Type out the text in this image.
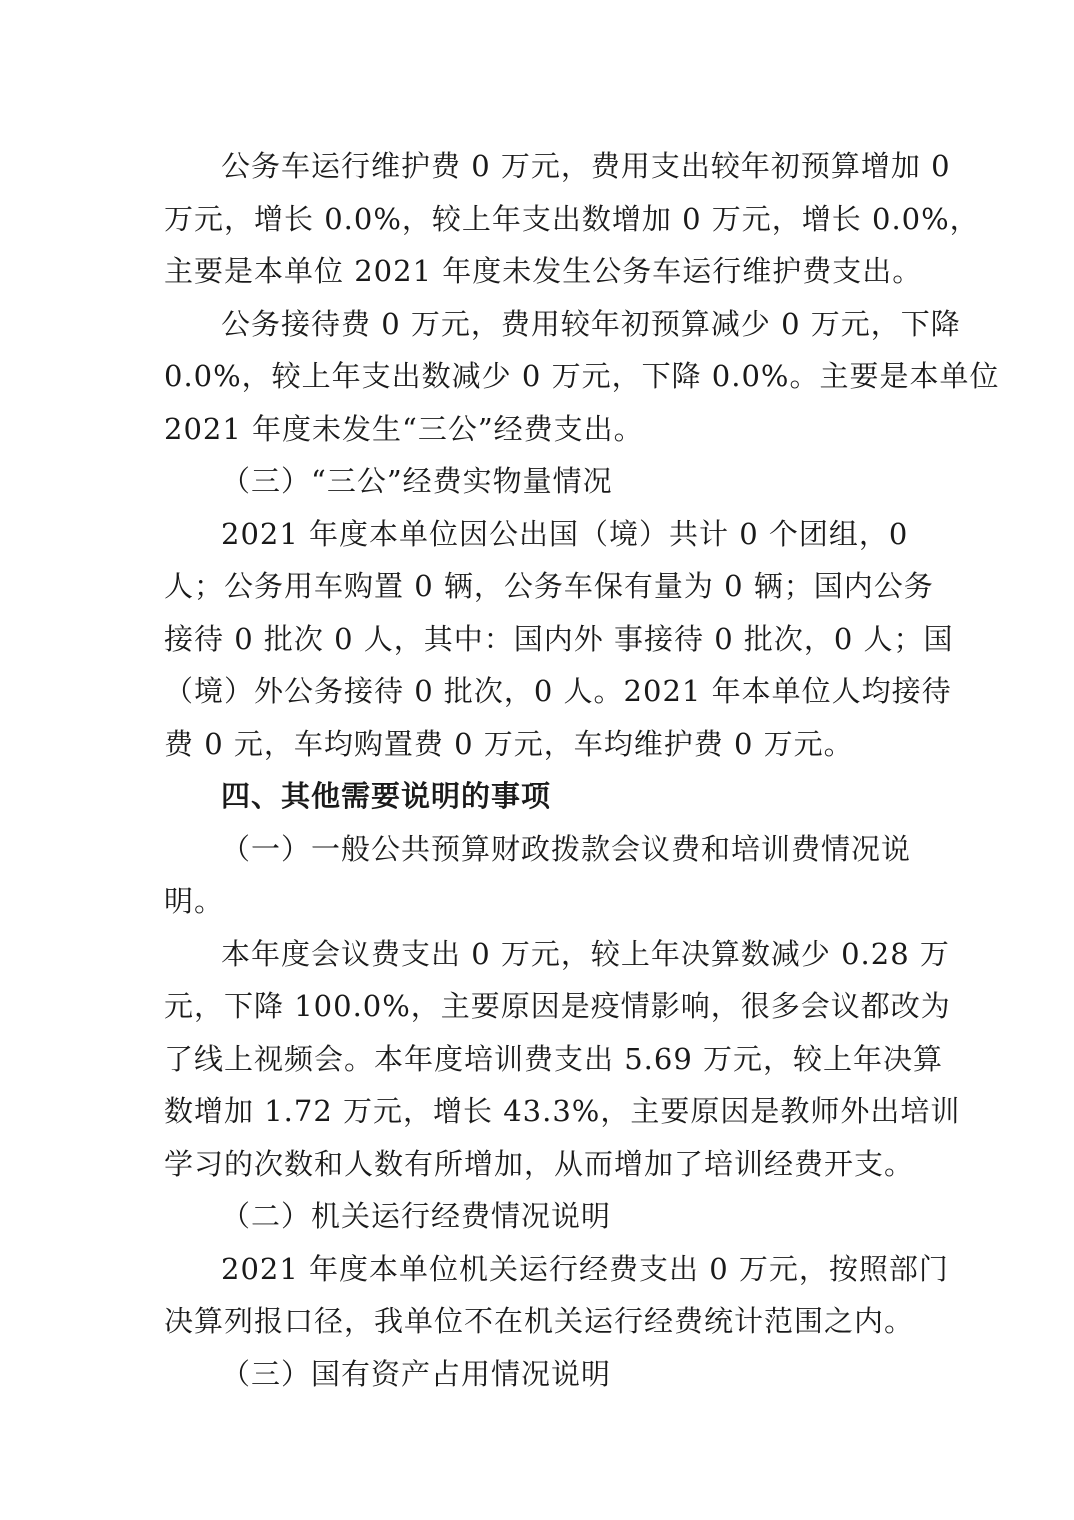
公务车运行维护费 0 万元，费用支出较年初预算增加 0
万元，增长 0.0%，较上年支出数增加 0 万元，增长 0.0%，
主要是本单位 2021 年度未发生公务车运行维护费支出。
公务接待费 0 万元，费用较年初预算减少 0 万元，下降
0.0%，较上年支出数减少 0 万元，下降 0.0%。主要是本单位
2021 年度未发生“三公”经费支出。
（三）“三公”经费实物量情况
2021 年度本单位因公出国（境）共计 0 个团组，0
人；公务用车购置 0 辆，公务车保有量为 0 辆；国内公务
接待 0 批次 0 人，其中：国内外 事接待 0 批次，0 人；国
（境）外公务接待 0 批次，0 人。2021 年本单位人均接待
费 0 元，车均购置费 0 万元，车均维护费 0 万元。
四、其他需要说明的事项
（一）一般公共预算财政拨款会议费和培训费情况说
明。
本年度会议费支出 0 万元，较上年决算数减少 0.28 万
元，下降 100.0%，主要原因是疫情影响，很多会议都改为
了线上视频会。本年度培训费支出 5.69 万元，较上年决算
数增加 1.72 万元，增长 43.3%，主要原因是教师外出培训
学习的次数和人数有所增加，从而增加了培训经费开支。
（二）机关运行经费情况说明
2021 年度本单位机关运行经费支出 0 万元，按照部门
决算列报口径，我单位不在机关运行经费统计范围之内。
（三）国有资产占用情况说明
